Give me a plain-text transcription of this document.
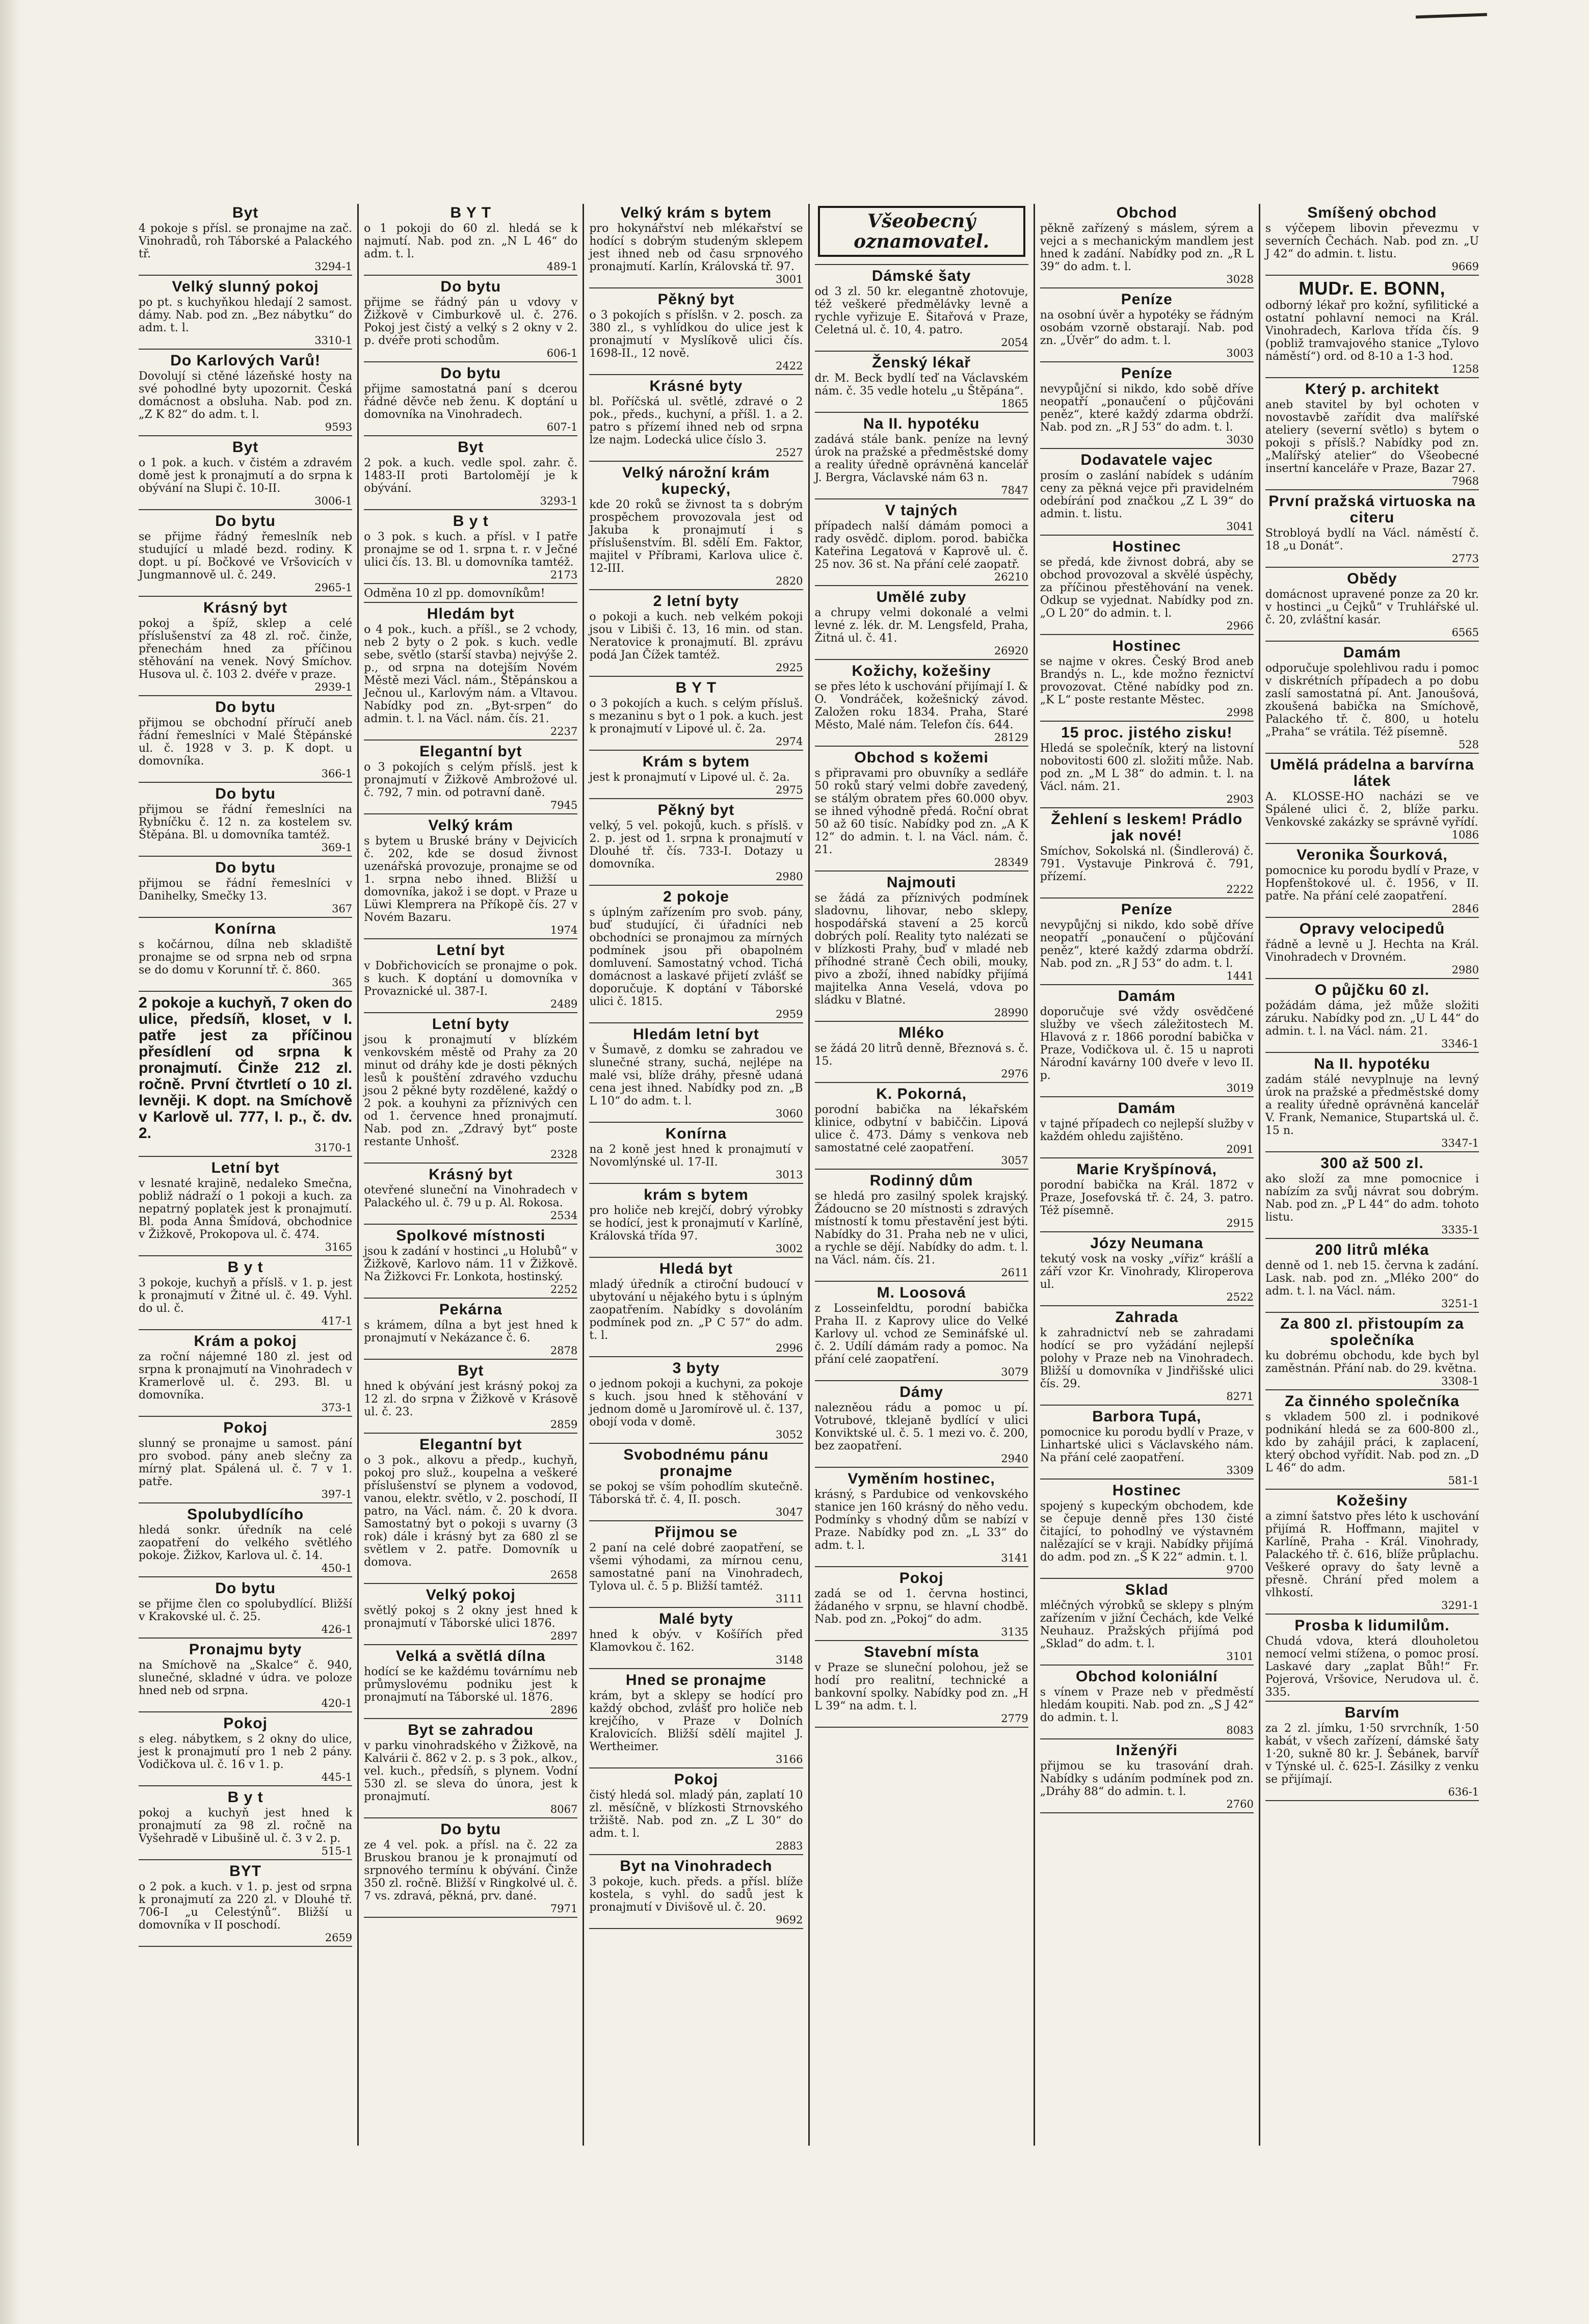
Byt
4 pokoje s přísl. se pronajme na zač. Vinohradů, roh Táborské a Palackého tř.
3294-1
Velký slunný pokoj
po pt. s kuchyňkou hledají 2 samost. dámy. Nab. pod zn. „Bez nábytku“ do adm. t. l.
3310-1
Do Karlových Varů!
Dovolují si ctěné lázeňské hosty na své pohodlné byty upozornit. Česká domácnost a obsluha. Nab. pod zn. „Z K 82“ do adm. t. l.
9593
Byt
o 1 pok. a kuch. v čistém a zdravém domě jest k pronajmutí a do srpna k obývání na Slupi č. 10-II.
3006-1
Do bytu
se přijme řádný řemeslník neb studující u mladé bezd. rodiny. K dopt. u pí. Bočkové ve Vršovicích v Jungmannově ul. č. 249.
2965-1
Krásný byt
pokoj a špíž, sklep a celé příslušenství za 48 zl. roč. činže, přenechám hned za příčinou stěhování na venek. Nový Smíchov. Husova ul. č. 103 2. dvéře v praze.
2939-1
Do bytu
přijmou se obchodní příručí aneb řádní řemeslníci v Malé Štěpánské ul. č. 1928 v 3. p. K dopt. u domovníka.
366-1
Do bytu
přijmou se řádní řemeslníci na Rybníčku č. 12 n. za kostelem sv. Štěpána. Bl. u domovníka tamtéž.
369-1
Do bytu
přijmou se řádní řemeslníci v Danihelky, Smečky 13.
367
Konírna
s kočárnou, dílna neb skladiště pronajme se od srpna neb od srpna se do domu v Korunní tř. č. 860.
365
2 pokoje a kuchyň, 7 oken do ulice, předsíň, kloset, v I. patře jest za příčinou přesídlení od srpna k pronajmutí. Činže 212 zl. ročně. První čtvrtletí o 10 zl. levněji. K dopt. na Smíchově v Karlově ul. 777, I. p., č. dv. 2.
3170-1
Letní byt
v lesnaté krajině, nedaleko Smečna, pobliž nádraží o 1 pokoji a kuch. za nepatrný poplatek jest k pronajmutí. Bl. poda Anna Šmídová, obchodnice v Žižkově, Prokopova ul. č. 474.
3165
B y t
3 pokoje, kuchyň a příslš. v 1. p. jest k pronajmutí v Žitné ul. č. 49. Vyhl. do ul. č.
417-1
Krám a pokoj
za roční nájemné 180 zl. jest od srpna k pronajmutí na Vinohradech v Kramerlově ul. č. 293. Bl. u domovníka.
373-1
Pokoj
slunný se pronajme u samost. pání pro svobod. pány aneb slečny za mírný plat. Spálená ul. č. 7 v 1. patře.
397-1
Spolubydlícího
hledá sonkr. úředník na celé zaopatření do velkého světlého pokoje. Žižkov, Karlova ul. č. 14.
450-1
Do bytu
se přijme člen co spolubydlící. Bližší v Krakovské ul. č. 25.
426-1
Pronajmu byty
na Smíchově na „Skalce“ č. 940, slunečné, skladné v údra. ve poloze hned neb od srpna.
420-1
Pokoj
s eleg. nábytkem, s 2 okny do ulice, jest k pronajmutí pro 1 neb 2 pány. Vodičkova ul. č. 16 v 1. p.
445-1
B y t
pokoj a kuchyň jest hned k pronajmutí za 98 zl. ročně na Vyšehradě v Libušině ul. č. 3 v 2. p.
515-1
BYT
o 2 pok. a kuch. v 1. p. jest od srpna k pronajmutí za 220 zl. v Dlouhé tř. 706-I „u Celestýnů“. Bližší u domovníka v II poschodí.
2659
B Y T
o 1 pokoji do 60 zl. hledá se k najmutí. Nab. pod zn. „N L 46“ do adm. t. l.
489-1
Do bytu
přijme se řádný pán u vdovy v Žižkově v Cimburkově ul. č. 276. Pokoj jest čistý a velký s 2 okny v 2. p. dvéře proti schodům.
606-1
Do bytu
přijme samostatná paní s dcerou řádné děvče neb ženu. K doptání u domovníka na Vinohradech.
607-1
Byt
2 pok. a kuch. vedle spol. zahr. č. 1483-II proti Bartolomějí je k obývání.
3293-1
B y t
o 3 pok. s kuch. a přísl. v I patře pronajme se od 1. srpna t. r. v Ječné ulici čís. 13. Bl. u domovníka tamtéž.
2173
Odměna 10 zl pp. domovníkům!
Hledám byt
o 4 pok., kuch. a příšl., se 2 vchody, neb 2 byty o 2 pok. s kuch. vedle sebe, světlo (starší stavba) nejvýše 2. p., od srpna na dotejším Novém Městě mezi Václ. nám., Štěpánskou a Ječnou ul., Karlovým nám. a Vltavou. Nabídky pod zn. „Byt-srpen“ do admin. t. l. na Václ. nám. čís. 21.
2237
Elegantní byt
o 3 pokojích s celým příslš. jest k pronajmutí v Žižkově Ambrožové ul. č. 792, 7 min. od potravní daně.
7945
Velký krám
s bytem u Bruské brány v Dejvicích č. 202, kde se dosud živnost uzenářská provozuje, pronajme se od 1. srpna nebo ihned. Bližší u domovníka, jakož i se dopt. v Praze u Lüwi Klemprera na Příkopě čís. 27 v Novém Bazaru.
1974
Letní byt
v Dobřichovicích se pronajme o pok. s kuch. K doptání u domovníka v Provaznické ul. 387-I.
2489
Letní byty
jsou k pronajmutí v blízkém venkovském městě od Prahy za 20 minut od dráhy kde je dosti pěkných lesů k pouštění zdravého vzduchu jsou 2 pěkné byty rozdělené, každý o 2 pok. a kouhyni za příznivých cen od 1. července hned pronajmutí. Nab. pod zn. „Zdravý byt“ poste restante Unhošť.
2328
Krásný byt
otevřené sluneční na Vinohradech v Palackého ul. č. 79 u p. Al. Rokosa.
2534
Spolkové místnosti
jsou k zadání v hostinci „u Holubů“ v Žižkově, Karlovo nám. 11 v Žižkově. Na Žižkovci Fr. Lonkota, hostinský.
2252
Pekárna
s krámem, dílna a byt jest hned k pronajmutí v Nekázance č. 6.
2878
Byt
hned k obývání jest krásný pokoj za 12 zl. do srpna v Žižkově v Krásově ul. č. 23.
2859
Elegantní byt
o 3 pok., alkovu a předp., kuchyň, pokoj pro služ., koupelna a veškeré příslušenství se plynem a vodovod, vanou, elektr. světlo, v 2. poschodí, II patro, na Václ. nám. č. 20 k dvora. Samostatný byt o pokoji s uvarny (3 rok) dále i krásný byt za 680 zl se světlem v 2. patře. Domovník u domova.
2658
Velký pokoj
světlý pokoj s 2 okny jest hned k pronajmutí v Táborské ulici 1876.
2897
Velká a světlá dílna
hodící se ke každému továrnímu neb průmyslovému podniku jest k pronajmutí na Táborské ul. 1876.
2896
Byt se zahradou
v parku vinohradského v Žižkově, na Kalvárii č. 862 v 2. p. s 3 pok., alkov., vel. kuch., předsíň, s plynem. Vodní 530 zl. se sleva do února, jest k pronajmutí.
8067
Do bytu
ze 4 vel. pok. a přísl. na č. 22 za Bruskou branou je k pronajmutí od srpnového termínu k obývání. Činže 350 zl. ročně. Bližší v Ringkolvé ul. č. 7 vs. zdravá, pěkná, prv. dané.
7971
Velký krám s bytem
pro hokynářství neb mlékařství se hodící s dobrým studeným sklepem jest ihned neb od času srpnového pronajmutí. Karlín, Královská tř. 97.
3001
Pěkný byt
o 3 pokojích s příslšn. v 2. posch. za 380 zl., s vyhlídkou do ulice jest k pronajmutí v Myslíkově ulici čís. 1698-II., 12 nově.
2422
Krásné byty
bl. Poříčská ul. světlé, zdravé o 2 pok., předs., kuchyní, a příšl. 1. a 2. patro s přízemí ihned neb od srpna lze najm. Lodecká ulice číslo 3.
2527
Velký nárožní krám kupecký,
kde 20 roků se živnost ta s dobrým prospěchem provozovala jest od Jakuba k pronajmutí i s příslušenstvím. Bl. sdělí Em. Faktor, majitel v Příbrami, Karlova ulice č. 12-III.
2820
2 letní byty
o pokoji a kuch. neb velkém pokoji jsou v Libiši č. 13, 16 min. od stan. Neratovice k pronajmutí. Bl. zprávu podá Jan Čížek tamtéž.
2925
B Y T
o 3 pokojích a kuch. s celým přísluš. s mezaninu s byt o 1 pok. a kuch. jest k pronajmutí v Lipové ul. č. 2a.
2974
Krám s bytem
jest k pronajmutí v Lipové ul. č. 2a.
2975
Pěkný byt
velký, 5 vel. pokojů, kuch. s příslš. v 2. p. jest od 1. srpna k pronajmutí v Dlouhé tř. čís. 733-I. Dotazy u domovníka.
2980
2 pokoje
s úplným zařízením pro svob. pány, buď studující, či úřadníci neb obchodníci se pronajmou za mírných podmínek jsou při obapolném domluvení. Samostatný vchod. Tichá domácnost a laskavé přijetí zvlášť se doporučuje. K doptání v Táborské ulici č. 1815.
2959
Hledám letní byt
v Šumavě, z domku se zahradou ve slunečné strany, suchá, nejlépe na malé vsi, blíže dráhy, přesně udaná cena jest ihned. Nabídky pod zn. „B L 10“ do adm. t. l.
3060
Konírna
na 2 koně jest hned k pronajmutí v Novomlýnské ul. 17-II.
3013
krám s bytem
pro holiče neb krejčí, dobrý výrobky se hodící, jest k pronajmutí v Karlíně, Královská třída 97.
3002
Hledá byt
mladý úředník a ctiroční budoucí v ubytování u nějakého bytu i s úplným zaopatřením. Nabídky s dovoláním podmínek pod zn. „P C 57“ do adm. t. l.
2996
3 byty
o jednom pokoji a kuchyni, za pokoje s kuch. jsou hned k stěhování v jednom domě u Jaromírově ul. č. 137, obojí voda v domě.
3052
Svobodnému pánu pronajme
se pokoj se vším pohodlím skutečně. Táborská tř. č. 4, II. posch.
3047
Přijmou se
2 paní na celé dobré zaopatření, se všemi výhodami, za mírnou cenu, samostatné paní na Vinohradech, Tylova ul. č. 5 p. Bližší tamtéž.
3111
Malé byty
hned k obýv. v Košířích před Klamovkou č. 162.
3148
Hned se pronajme
krám, byt a sklepy se hodící pro každý obchod, zvlášť pro holiče neb krejčího, v Praze v Dolních Kralovicích. Bližší sdělí majitel J. Wertheimer.
3166
Pokoj
čistý hledá sol. mladý pán, zaplatí 10 zl. měsíčně, v blízkosti Strnovského tržiště. Nab. pod zn. „Z L 30“ do adm. t. l.
2883
Byt na Vinohradech
3 pokoje, kuch. předs. a přísl. blíže kostela, s vyhl. do sadů jest k pronajmutí v Divišově ul. č. 20.
9692
Všeobecný oznamovatel.
Dámské šaty
od 3 zl. 50 kr. elegantně zhotovuje, též veškeré předmělávky levně a rychle vyřizuje E. Šitařová v Praze, Celetná ul. č. 10, 4. patro.
2054
Ženský lékař
dr. M. Beck bydlí teď na Václavském nám. č. 35 vedle hotelu „u Štěpána“.
1865
Na II. hypotéku
zadává stále bank. peníze na levný úrok na pražské a předměstské domy a reality úředně oprávněná kancelář J. Bergra, Václavské nám 63 n.
7847
V tajných
případech nalší dámám pomoci a rady osvědč. diplom. porod. babička Kateřina Legatová v Kaprově ul. č. 25 nov. 36 st. Na přání celé zaopatř.
26210
Umělé zuby
a chrupy velmi dokonalé a velmi levné z. lék. dr. M. Lengsfeld, Praha, Žitná ul. č. 41.
26920
Kožichy, kožešiny
se přes léto k uschování přijímají I. & O. Vondráček, kožešnický závod. Založen roku 1834. Praha, Staré Město, Malé nám. Telefon čís. 644.
28129
Obchod s kožemi
s připravami pro obuvníky a sedláře 50 roků starý velmi dobře zavedený, se stálým obratem přes 60.000 obyv. se ihned výhodně předá. Roční obrat 50 až 60 tisíc. Nabídky pod zn. „A K 12“ do admin. t. l. na Václ. nám. č. 21.
28349
Najmouti
se žádá za příznivých podmínek sladovnu, lihovar, nebo sklepy, hospodářská stavení a 25 korců dobrých polí. Reality tyto nalézati se v blízkosti Prahy, buď v mladé neb příhodné straně Čech obili, mouky, pivo a zboží, ihned nabídky přijímá majitelka Anna Veselá, vdova po sládku v Blatné.
28990
Mléko
se žádá 20 litrů denně, Březnová s. č. 15.
2976
K. Pokorná,
porodní babička na lékařském klinice, odbytní v babiččin. Lipová ulice č. 473. Dámy s venkova neb samostatné celé zaopatření.
3057
Rodinný dům
se hledá pro zasilný spolek krajský. Žádoucno se 20 místnosti s zdravých místností k tomu přestavění jest býti. Nabídky do 31. Praha neb ne v ulici, a rychle se dějí. Nabídky do adm. t. l. na Václ. nám. čís. 21.
2611
M. Loosová
z Losseinfeldtu, porodní babička Praha II. z Kaprovy ulice do Velké Karlovy ul. vchod ze Semináfské ul. č. 2. Udílí dámám rady a pomoc. Na přání celé zaopatření.
3079
Dámy
nalezněou rádu a pomoc u pí. Votrubové, tklejaně bydlící v ulici Konviktské ul. č. 5. 1 mezi vo. č. 200, bez zaopatření.
2940
Vyměním hostinec,
krásný, s Pardubice od venkovského stanice jen 160 krásný do něho vedu. Podmínky s vhodný dům se nabízí v Praze. Nabídky pod zn. „L 33“ do adm. t. l.
3141
Pokoj
zadá se od 1. června hostinci, žádaného v srpnu, se hlavní chodbě. Nab. pod zn. „Pokoj“ do adm.
3135
Stavební místa
v Praze se sluneční polohou, jež se hodí pro realitní, technické a bankovní spolky. Nabídky pod zn. „H L 39“ na adm. t. l.
2779
Obchod
pěkně zařízený s máslem, sýrem a vejci a s mechanickým mandlem jest hned k zadání. Nabídky pod zn. „R L 39“ do adm. t. l.
3028
Peníze
na osobní úvěr a hypotéky se řádným osobám vzorně obstarají. Nab. pod zn. „Úvěr“ do adm. t. l.
3003
Peníze
nevypůjční si nikdo, kdo sobě dříve neopatří „ponaučení o půjčováni peněz“, které každý zdarma obdrží. Nab. pod zn. „R J 53“ do adm. t. l.
3030
Dodavatele vajec
prosím o zaslání nabídek s udáním ceny za pěkná vejce při pravidelném odebírání pod značkou „Z L 39“ do admin. t. listu.
3041
Hostinec
se předá, kde živnost dobrá, aby se obchod provozoval a skvělé úspěchy, za příčinou přestěhování na venek. Odkup se vyjednat. Nabídky pod zn. „O L 20“ do admin. t. l.
2966
Hostinec
se najme v okres. Český Brod aneb Brandýs n. L., kde možno řeznictví provozovat. Ctěné nabídky pod zn. „K L“ poste restante Městec.
2998
15 proc. jistého zisku!
Hledá se společník, který na listovní nobovitosti 600 zl. složiti může. Nab. pod zn. „M L 38“ do admin. t. l. na Václ. nám. 21.
2903
Žehlení s leskem! Prádlo jak nové!
Smíchov, Sokolská nl. (Šindlerová) č. 791. Vystavuje Pinkrová č. 791, přízemí.
2222
Peníze
nevypůjčnj si nikdo, kdo sobě dříve neopatří „ponaučení o půjčování peněz“, které každý zdarma obdrží. Nab. pod zn. „R J 53“ do adm. t. l.
1441
Damám
doporučuje své vždy osvědčené služby ve všech záležitostech M. Hlavová z r. 1866 porodní babička v Praze, Vodičkova ul. č. 15 u naproti Národní kavárny 100 dveře v levo II. p.
3019
Damám
v tajné případech co nejlepší služby v každém ohledu zajištěno.
2091
Marie Kryšpínová,
porodní babička na Král. 1872 v Praze, Josefovská tř. č. 24, 3. patro. Též písemně.
2915
Józy Neumana
tekutý vosk na vosky „vířiz“ krášlí a září vzor Kr. Vinohrady, Kliroperova ul.
2522
Zahrada
k zahradnictví neb se zahradami hodící se pro vyžádání nejlepší polohy v Praze neb na Vinohradech. Bližší u domovníka v Jindřišské ulici čís. 29.
8271
Barbora Tupá,
pomocnice ku porodu bydlí v Praze, v Linhartské ulici s Václavského nám. Na přání celé zaopatření.
3309
Hostinec
spojený s kupeckým obchodem, kde se čepuje denně přes 130 čisté čitající, to pohodlný ve výstavném nalězající se v kraji. Nabídky přijímá do adm. pod zn. „Š K 22“ admin. t. l.
9700
Sklad
mléčných výrobků se sklepy s plným zařízením v jižní Čechách, kde Velké Neuhauz. Pražských přijímá pod „Sklad“ do adm. t. l.
3101
Obchod koloniální
s vínem v Praze neb v předměstí hledám koupiti. Nab. pod zn. „S J 42“ do admin. t. l.
8083
Inženýři
přijmou se ku trasování drah. Nabídky s udáním podmínek pod zn. „Dráhy 88“ do admin. t. l.
2760
Smíšený obchod
s výčepem libovin převezmu v severních Čechách. Nab. pod zn. „U J 42“ do admin. t. listu.
9669
MUDr. E. BONN,
odborný lékař pro kožní, syfilitické a ostatní pohlavní nemoci na Král. Vinohradech, Karlova třída čís. 9 (pobliž tramvajového stanice „Tylovo náměstí“) ord. od 8-10 a 1-3 hod.
1258
Který p. architekt
aneb stavitel by byl ochoten v novostavbě zařídit dva malířské ateliery (severní světlo) s bytem o pokoji s příslš.? Nabídky pod zn. „Malířský atelier“ do Všeobecné insertní kanceláře v Praze, Bazar 27.
7968
První pražská virtuoska na citeru
Strobloyá bydlí na Václ. náměstí č. 18 „u Donát“.
2773
Obědy
domácnost upravené ponze za 20 kr. v hostinci „u Čejků“ v Truhlářské ul. č. 20, zvláštní kasár.
6565
Damám
odporučuje spolehlivou radu i pomoc v diskrétních případech a po dobu zaslí samostatná pí. Ant. Janoušová, zkoušená babička na Smíchově, Palackého tř. č. 800, u hotelu „Praha“ se vrátila. Též písemně.
528
Umělá prádelna a barvírna látek
A. KLOSSE-HO nacházi se ve Spálené ulici č. 2, blíže parku. Venkovské zakázky se správně vyřídí.
1086
Veronika Šourková,
pomocnice ku porodu bydlí v Praze, v Hopfenštokové ul. č. 1956, v II. patře. Na přání celé zaopatření.
2846
Opravy velocipedů
řádně a levně u J. Hechta na Král. Vinohradech v Drovném.
2980
O půjčku 60 zl.
požádám dáma, jež může složiti záruku. Nabídky pod zn. „U L 44“ do admin. t. l. na Václ. nám. 21.
3346-1
Na II. hypotéku
zadám stálé nevyplnuje na levný úrok na pražské a předměstské domy a reality úředně oprávněná kancelář V. Frank, Nemanice, Stupartská ul. č. 15 n.
3347-1
300 až 500 zl.
ako složí za mne pomocnice i nabízím za svůj návrat sou dobrým. Nab. pod zn. „P L 44“ do adm. tohoto listu.
3335-1
200 litrů mléka
denně od 1. neb 15. června k zadání. Lask. nab. pod zn. „Mléko 200“ do adm. t. l. na Václ. nám.
3251-1
Za 800 zl. přistoupím za společníka
ku dobrému obchodu, kde bych byl zaměstnán. Přání nab. do 29. května.
3308-1
Za činného společníka
s vkladem 500 zl. i podnikové podnikání hledá se za 600-800 zl., kdo by zahájil práci, k zaplacení, který obchod vyřídit. Nab. pod zn. „D L 46“ do adm.
581-1
Kožešiny
a zimní šatstvo přes léto k uschování přijímá R. Hoffmann, majitel v Karlíně, Praha - Král. Vinohrady, Palackého tř. č. 616, blíže průplachu. Veškeré opravy do šaty levně a přesně. Chrání před molem a vlhkostí.
3291-1
Prosba k lidumilům.
Chudá vdova, která dlouholetou nemocí velmi stížena, o pomoc prosí. Laskavé dary „zaplat Bůh!“ Fr. Pojerová, Vršovice, Nerudova ul. č. 335.
Barvím
za 2 zl. jímku, 1·50 srvrchník, 1·50 kabát, v všech zařízení, dámské šaty 1·20, sukně 80 kr. J. Šebánek, barvíř v Týnské ul. č. 625-I. Zásilky z venku se přijímají.
636-1
